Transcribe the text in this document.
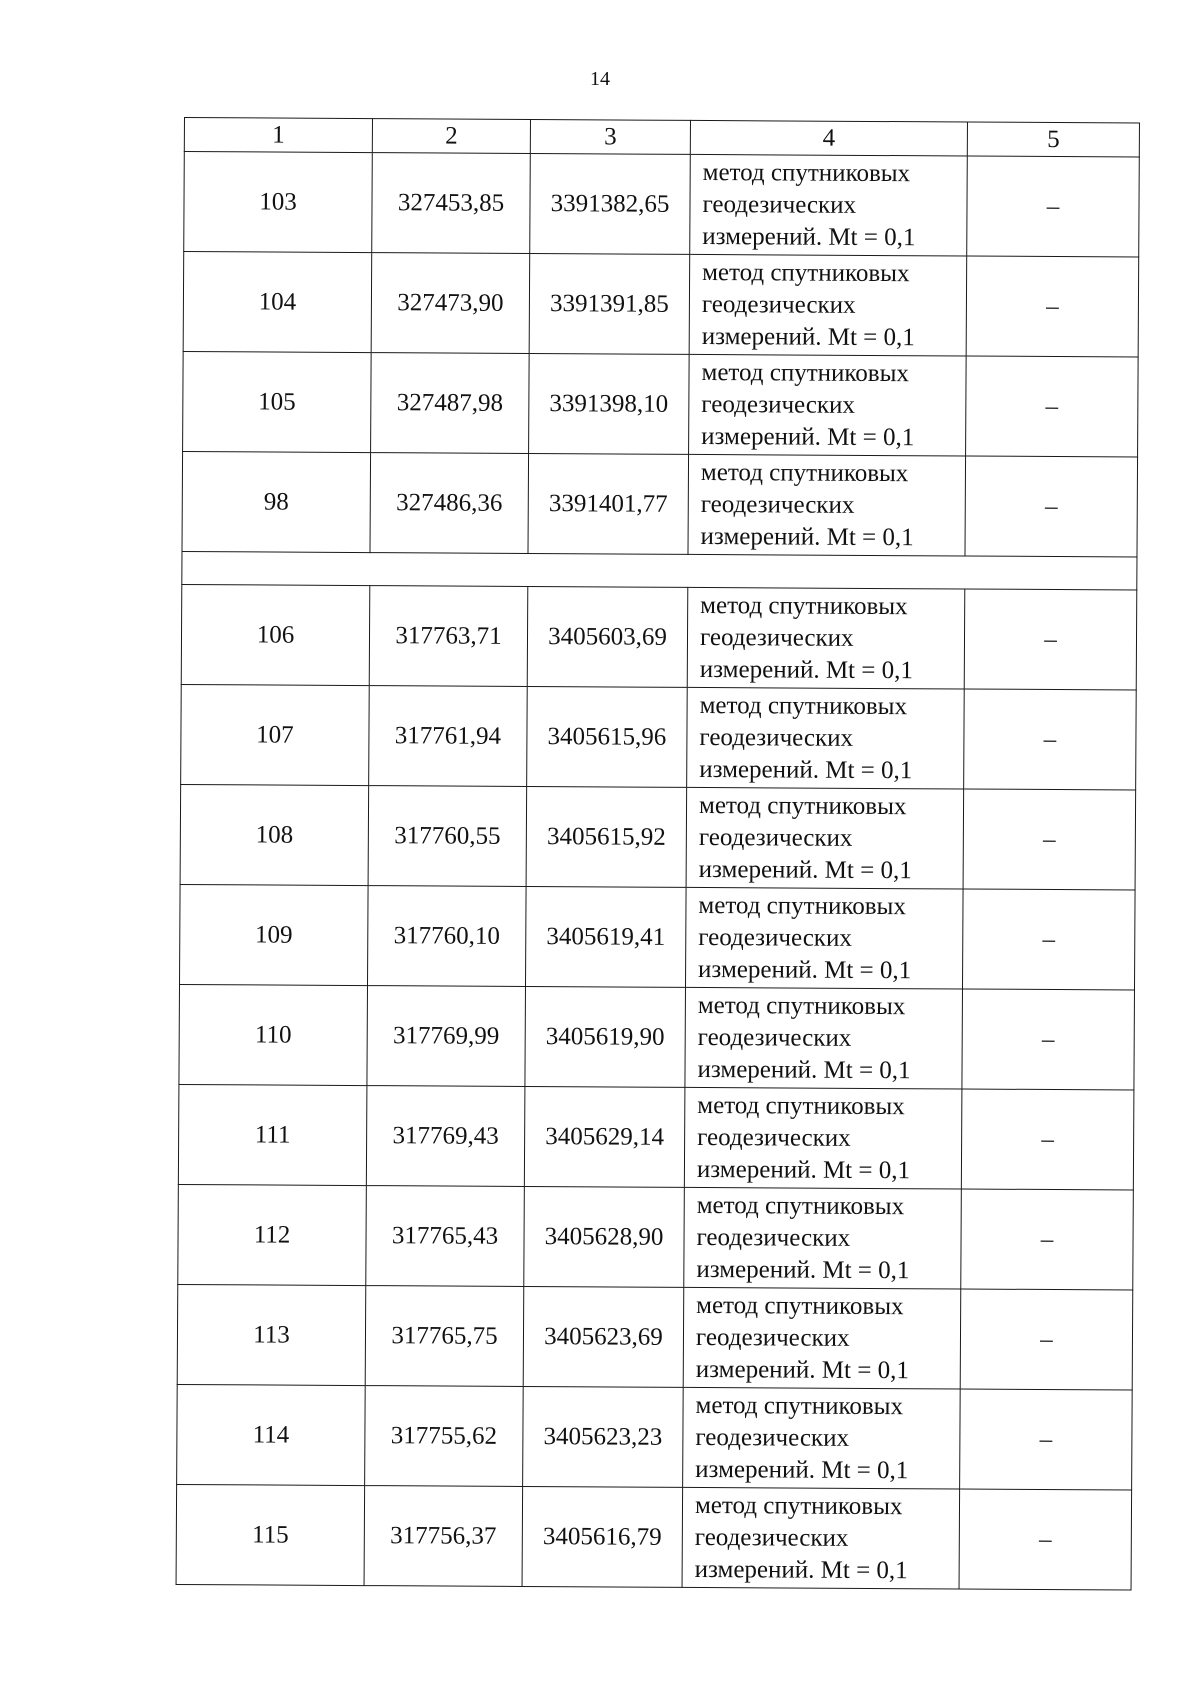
14
1	2	3	4	5
103	327453,85	3391382,65	метод спутниковых
геодезических
измерений. Mt = 0,1	–
104	327473,90	3391391,85	метод спутниковых
геодезических
измерений. Mt = 0,1	–
105	327487,98	3391398,10	метод спутниковых
геодезических
измерений. Mt = 0,1	–
98	327486,36	3391401,77	метод спутниковых
геодезических
измерений. Mt = 0,1	–

106	317763,71	3405603,69	метод спутниковых
геодезических
измерений. Mt = 0,1	–
107	317761,94	3405615,96	метод спутниковых
геодезических
измерений. Mt = 0,1	–
108	317760,55	3405615,92	метод спутниковых
геодезических
измерений. Mt = 0,1	–
109	317760,10	3405619,41	метод спутниковых
геодезических
измерений. Mt = 0,1	–
110	317769,99	3405619,90	метод спутниковых
геодезических
измерений. Mt = 0,1	–
111	317769,43	3405629,14	метод спутниковых
геодезических
измерений. Mt = 0,1	–
112	317765,43	3405628,90	метод спутниковых
геодезических
измерений. Mt = 0,1	–
113	317765,75	3405623,69	метод спутниковых
геодезических
измерений. Mt = 0,1	–
114	317755,62	3405623,23	метод спутниковых
геодезических
измерений. Mt = 0,1	–
115	317756,37	3405616,79	метод спутниковых
геодезических
измерений. Mt = 0,1	–
